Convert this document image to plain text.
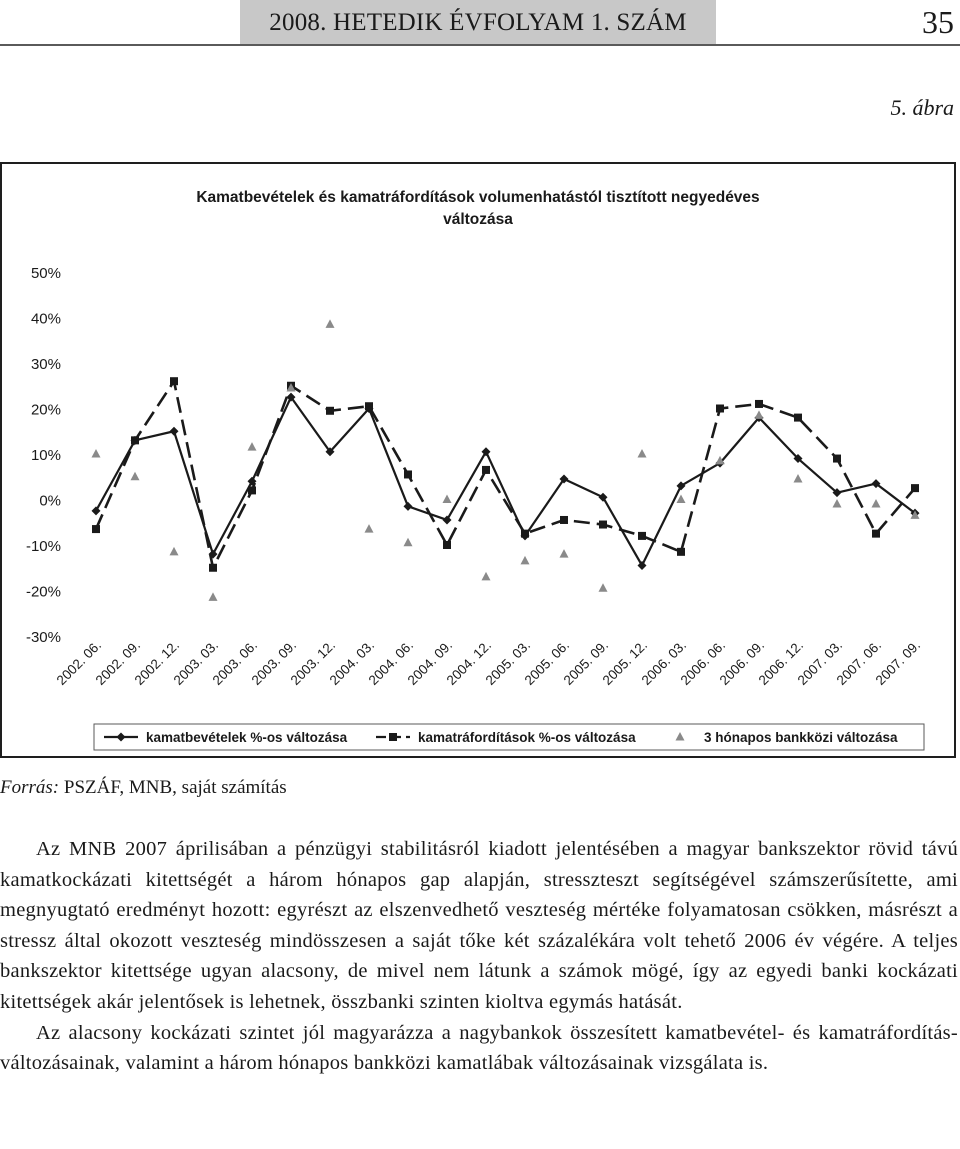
2008. HETEDIK ÉVFOLYAM 1. SZÁM	35
5. ábra
Kamatbevételek és kamatráfordítások volumenhatástól tisztított negyedéves
változása
50%
40%
30%
20%
10%
0%
-10%
-20%
-30%
2002. 06.
2002. 09.
2002. 12.
2003. 03.
2003. 06.
2003. 09.
2003. 12.
2004. 03.
2004. 06.
2004. 09.
2004. 12.
2005. 03.
2005. 06.
2005. 09.
2005. 12.
2006. 03.
2006. 06.
2006. 09.
2006. 12.
2007. 03.
2007. 06.
2007. 09.
kamatbevételek %-os változása	kamatráfordítások %-os változása	3 hónapos bankközi változása
Forrás: PSZÁF, MNB, saját számítás

Az MNB 2007 áprilisában a pénzügyi stabilitásról kiadott jelentésében a magyar bankszektor rövid távú kamatkockázati kitettségét a három hónapos gap alapján, stresszteszt segítségével számszerűsítette, ami megnyugtató eredményt hozott: egyrészt az elszenvedhető veszteség mértéke folyamatosan csökken, másrészt a stressz által okozott veszteség mindösszesen a saját tőke két százalékára volt tehető 2006 év végére. A teljes bankszektor kitettsége ugyan alacsony, de mivel nem látunk a számok mögé, így az egyedi banki kockázati kitettségek akár jelentősek is lehetnek, összbanki szinten kioltva egymás hatását.

Az alacsony kockázati szintet jól magyarázza a nagybankok összesített kamatbevétel- és kamatráfordítás-változásainak, valamint a három hónapos bankközi kamatlábak változásainak vizsgálata is.
